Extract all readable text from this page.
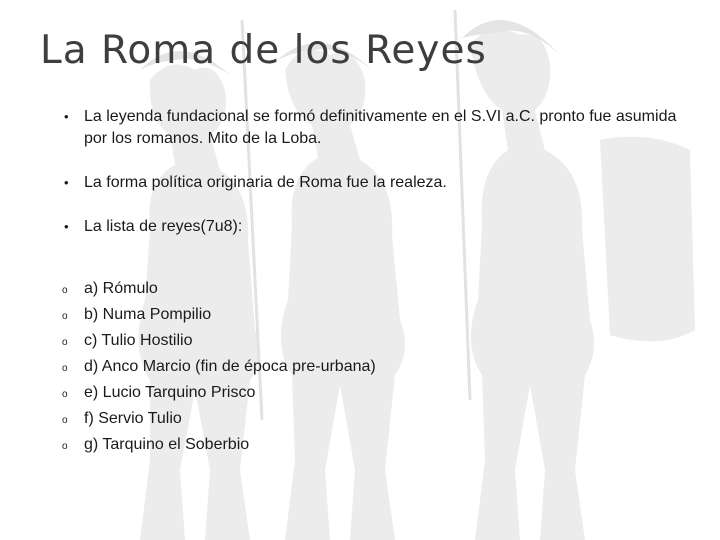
La Roma de los Reyes
• La leyenda fundacional se formó definitivamente en el S.VI a.C. pronto fue asumida por los romanos. Mito de la Loba.
• La forma política originaria de Roma fue la realeza.
• La lista de reyes(7u8):
o a) Rómulo
o b) Numa Pompilio
o c) Tulio Hostilio
o d) Anco Marcio (fin de época pre-urbana)
o e) Lucio Tarquino Prisco
o f) Servio Tulio
o g) Tarquino el Soberbio
